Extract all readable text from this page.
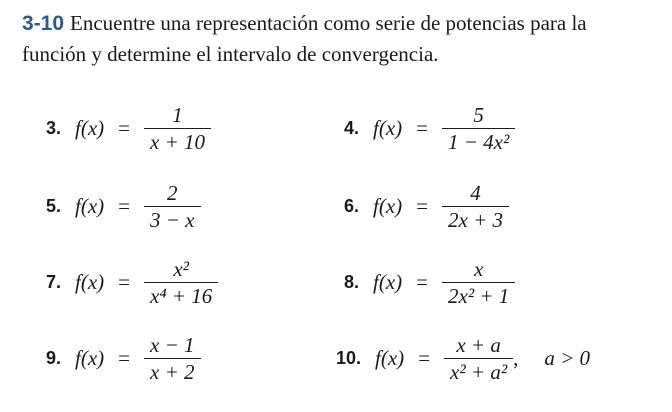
3-10 Encuentre una representación como serie de potencias para la función y determine el intervalo de convergencia.
3. $f(x) = \frac{1}{x + 10}$	4. $f(x) = \frac{5}{\text{1 − 4x²}}$
5. $f(x) = \frac{2}{3 - x}$	6. $f(x) = \frac{4}{2x + 3}$
7. $f(x) = \frac{\text{x²}}{\text{x⁴ + 16}}$	8. $f(x) = \frac{x}{\text{2x² + 1}}$
9. $f(x) = \frac{x - 1}{x + 2}$	10. $f(x) = \frac{x + a}{\text{x² + a²}}$ , a > 0
